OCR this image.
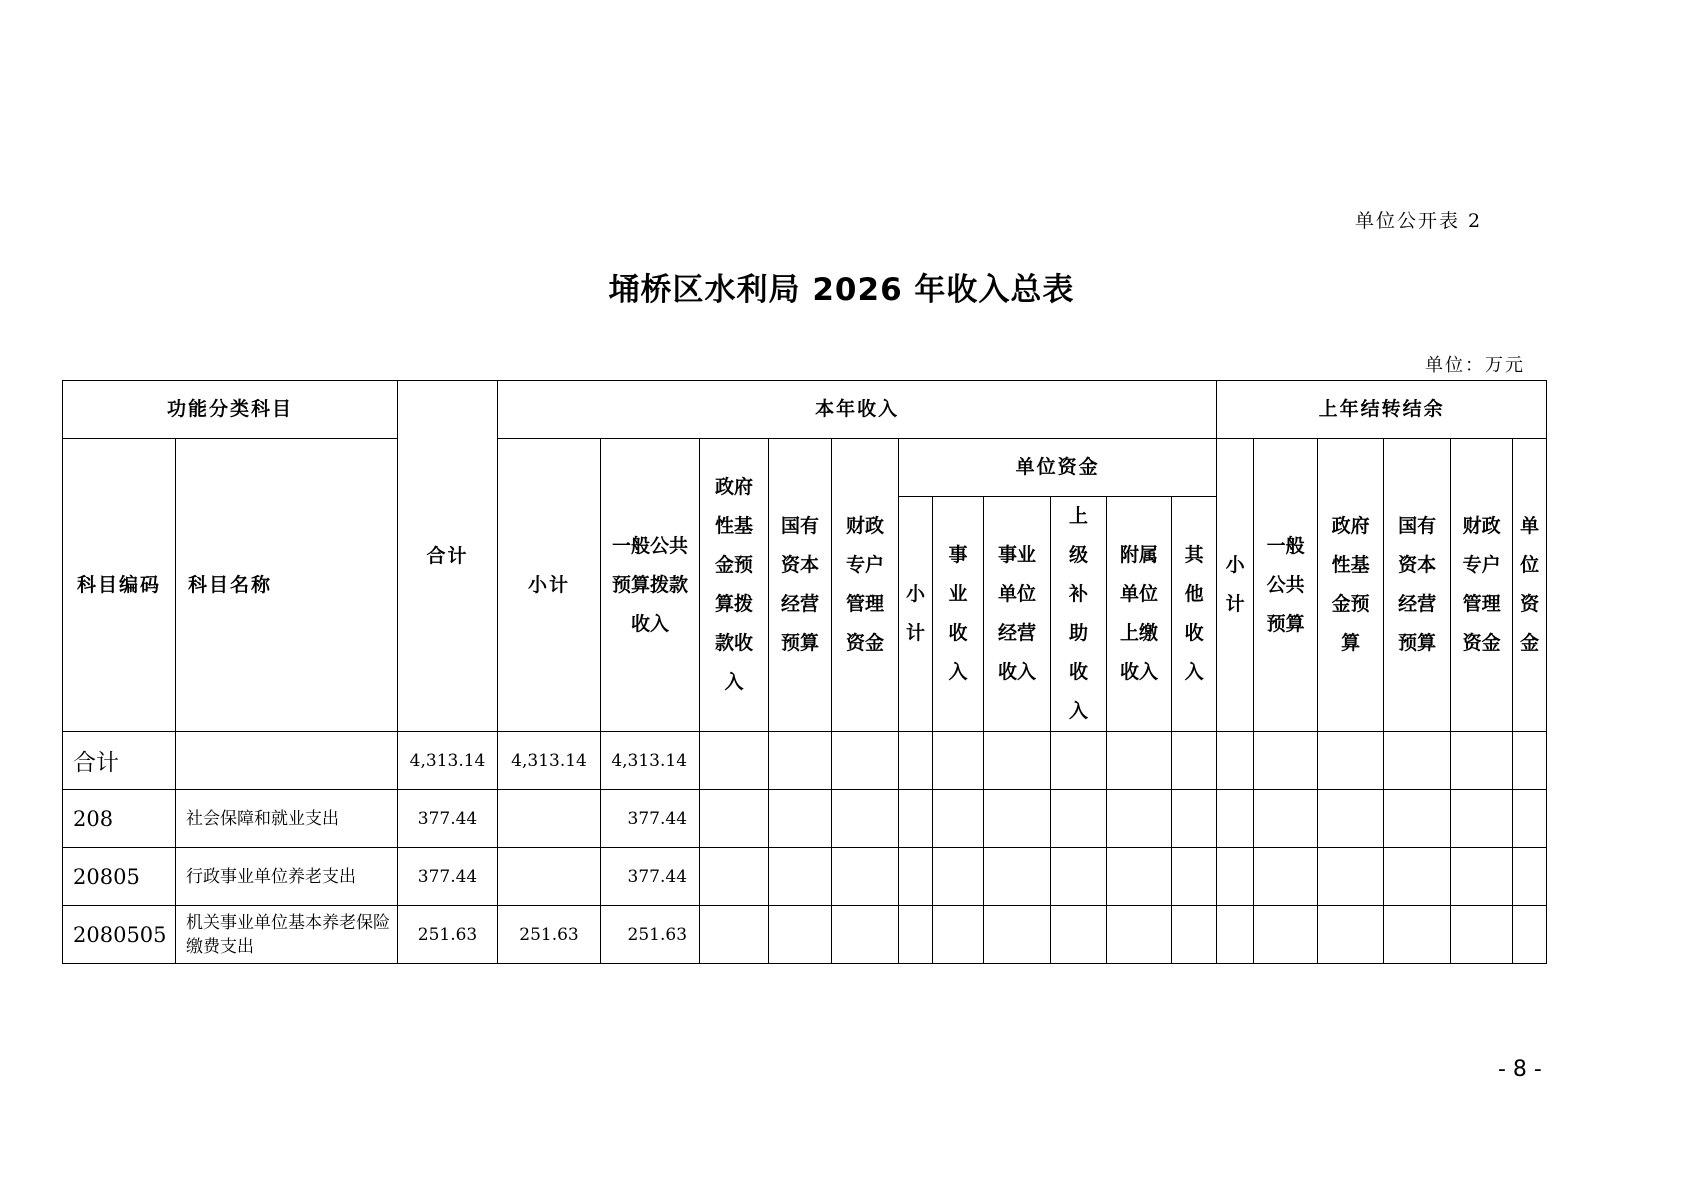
单位公开表 2
埇桥区水利局 2026 年收入总表
单位：万元
功能分类科目		合计	本年收入											上年结转结余					

科目编码	科目名称		小计	一般公共预算拨款收入	政府性基金预算拨款收入	国有资本经营预算	财政专户管理资金	单位资金						小计	一般公共预算	政府性基金预算	国有资本经营预算	财政专户管理资金	单位资金

								小计	事业收入	事业单位经营收入	上级补助收入	附属单位上缴收入	其他收入						

合计		4,313.14	4,313.14	4,313.14															
208	社会保障和就业支出	377.44		377.44															
20805	行政事业单位养老支出	377.44		377.44															
2080505	机关事业单位基本养老保险缴费支出	251.63	251.63	251.63															
- 8 -
